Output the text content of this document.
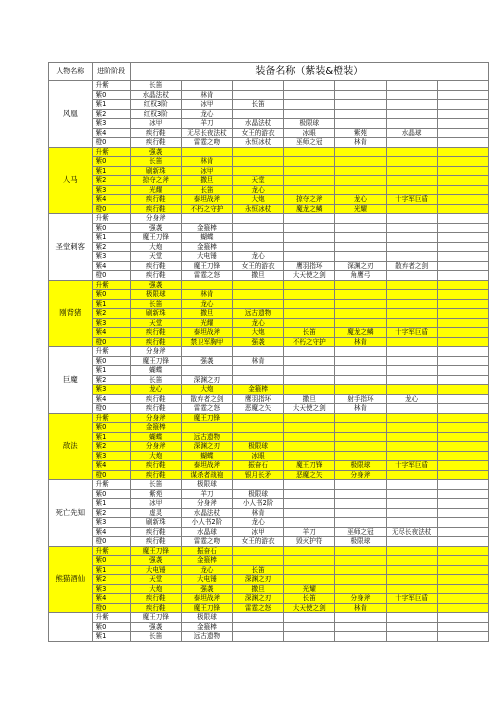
人物名称	进阶阶段	装备名称（紫装&橙装）						
风凰	升紫	长笛						
	紫0	水晶法杖	林肯					
	紫1	红权3阶	冰甲	长笛				
	紫2	红权3阶	龙心					
	紫3	冰甲	羊刀	水晶法杖	极限球			
	紫4	疾行鞋	无尽长夜法杖	女王的游衣	冰眼	紫苑	水晶球	
	橙0	疾行鞋	雷霆之吻	永恒冰杖	巫师之冠	林肯		
人马	升紫	强袭						
	紫0	长笛	林肯					
	紫1	刷新珠	冰甲					
	紫2	掠夺之斧	撒旦	天堂				
	紫3	光耀	长笛	龙心				
	紫4	疾行鞋	泰坦战斧	大炮	掠夺之斧	龙心	十字军巨盾	
	橙0	疾行鞋	不朽之守护	永恒冰杖	魔龙之鳞	光耀		
圣堂刺客	升紫	分身斧						
	紫0	强袭	金箍棒					
	紫1	魔王刀锋	蝴蝶					
	紫2	大炮	金箍棒					
	紫3	天堂	大电锤	龙心				
	紫4	疾行鞋	魔王刀锋	女王的游衣	鹰羽指环	深渊之刃	散弃者之剑	
	橙0	疾行鞋	雷霆之怒	撒旦	大天使之剑	角鹰弓		
刚背猪	升紫	强袭						
	紫0	极限球	林肯					
	紫1	长笛	龙心					
	紫2	刷新珠	撒旦	远古遗物				
	紫3	天堂	光耀	龙心				
	紫4	疾行鞋	泰坦战斧	大炮	长笛	魔龙之鳞	十字军巨盾	
	橙0	疾行鞋	禁卫军胸甲	强袭	不朽之守护	林肯		
巨魔	升紫	分身斧						
	紫0	魔王刀锋	强袭	林肯				
	紫1	蝴蝶						
	紫2	长笛	深渊之刃					
	紫3	龙心	大炮	金箍棒				
	紫4	疾行鞋	散弃者之剑	鹰羽指环	撒旦	射手指环	龙心	
	橙0	疾行鞋	雷霆之怒	恶魔之矢	大天使之剑	林肯		
敌法	升紫	分身斧	魔王刀锋					
	紫0	金箍棒						
	紫1	蝴蝶	远古遗物					
	紫2	分身斧	深渊之刃	极限球				
	紫3	大炮	蝴蝶	冰眼				
	紫4	疾行鞋	泰坦战斧	振奋石	魔王刀锋	极限球	十字军巨盾	
	橙0	疾行鞋	谋杀者战袍	银月长矛	恶魔之矢	分身斧		
死亡先知	升紫	长笛	极限球					
	紫0	紫苑	羊刀	极限球				
	紫1	冰甲	分身斧	小人书2阶				
	紫2	虚灵	水晶法杖	林肯				
	紫3	刷新珠	小人书2阶	龙心				
	紫4	疾行鞋	水晶球	冰甲	羊刀	巫师之冠	无尽长夜法杖	
	橙0	疾行鞋	雷霆之吻	女王的游衣	毁灭护符	极限球		
熊猫酒仙	升紫	魔王刀锋	振奋石					
	紫0	强袭	金箍棒					
	紫1	大电锤	龙心	长笛				
	紫2	天堂	大电锤	深渊之刃				
	紫3	大炮	强袭	撒旦	光耀			
	紫4	疾行鞋	泰坦战斧	深渊之刃	长笛	分身斧	十字军巨盾	
	橙0	疾行鞋	魔王刀锋	雷霆之怒	大天使之剑	林肯		
	升紫	魔王刀锋	极限球					
	紫0	强袭	金箍棒					
	紫1	长笛	远古遗物					
